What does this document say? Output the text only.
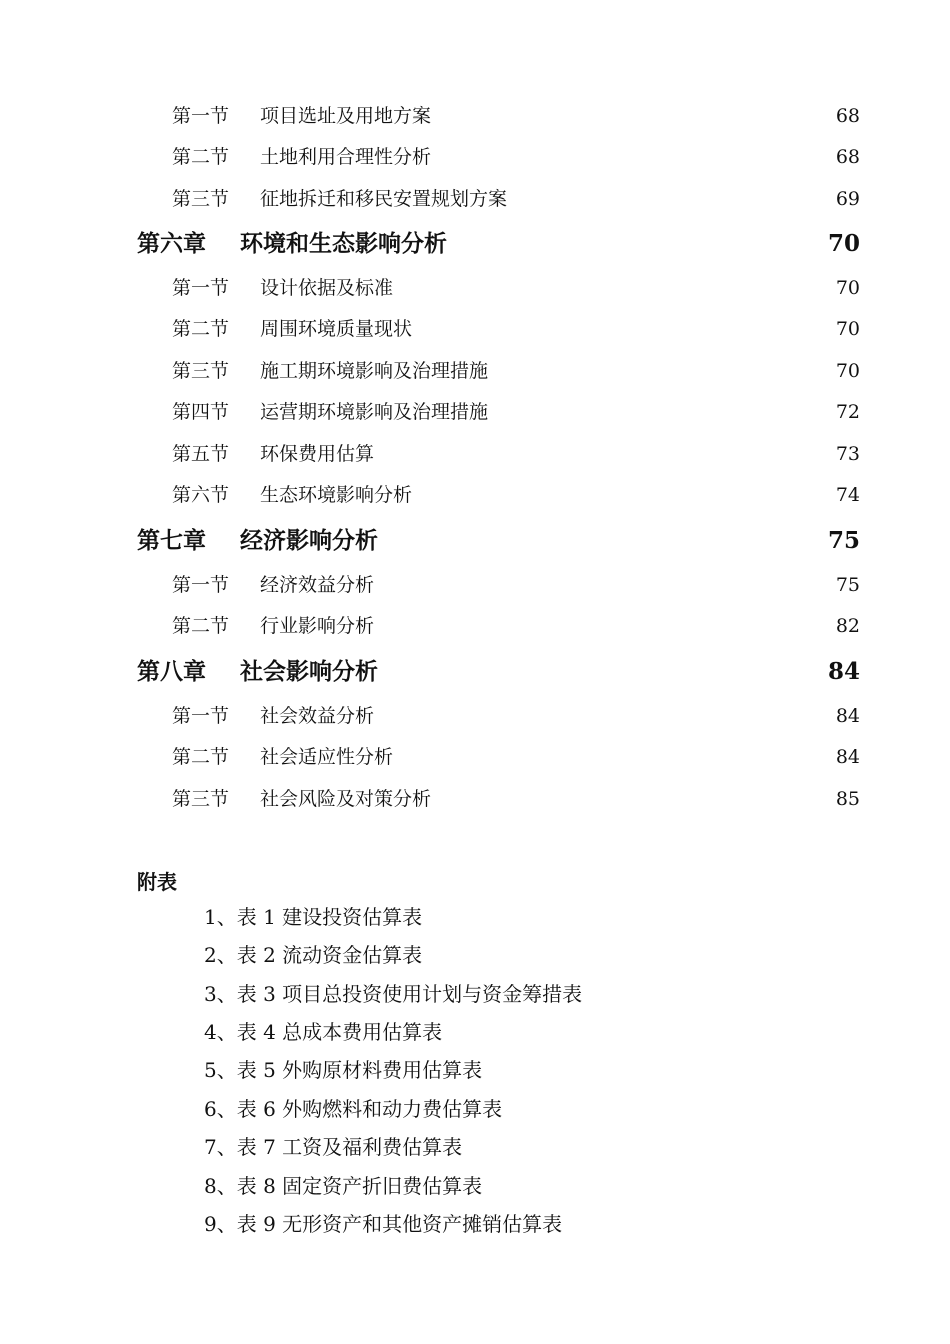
第一节	项目选址及用地方案	68
第二节	土地利用合理性分析	68
第三节	征地拆迁和移民安置规划方案	69
第六章	环境和生态影响分析	70
第一节	设计依据及标准	70
第二节	周围环境质量现状	70
第三节	施工期环境影响及治理措施	70
第四节	运营期环境影响及治理措施	72
第五节	环保费用估算	73
第六节	生态环境影响分析	74
第七章	经济影响分析	75
第一节	经济效益分析	75
第二节	行业影响分析	82
第八章	社会影响分析	84
第一节	社会效益分析	84
第二节	社会适应性分析	84
第三节	社会风险及对策分析	85
附表
1、表 1 建设投资估算表
2、表 2 流动资金估算表
3、表 3 项目总投资使用计划与资金筹措表
4、表 4 总成本费用估算表
5、表 5 外购原材料费用估算表
6、表 6 外购燃料和动力费估算表
7、表 7 工资及福利费估算表
8、表 8 固定资产折旧费估算表
9、表 9 无形资产和其他资产摊销估算表
